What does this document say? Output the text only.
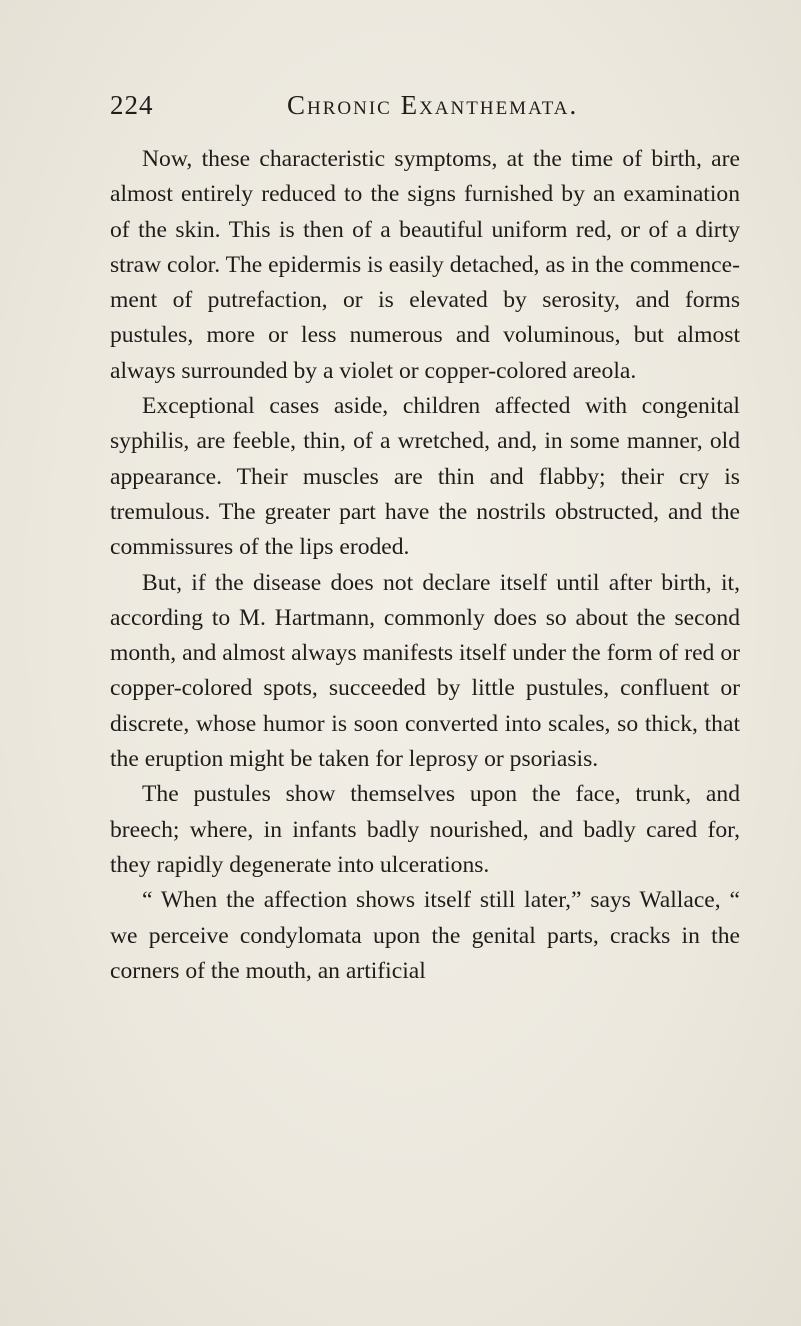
224	Chronic Exanthemata.

Now, these characteristic symptoms, at the time of birth, are almost entirely reduced to the signs furnished by an examination of the skin. This is then of a beautiful uniform red, or of a dirty straw color. The epidermis is easily detached, as in the commencement of putrefaction, or is elevated by serosity, and forms pustules, more or less numerous and voluminous, but almost always surrounded by a violet or copper-colored areola.

Exceptional cases aside, children affected with congenital syphilis, are feeble, thin, of a wretched, and, in some manner, old appearance. Their muscles are thin and flabby; their cry is tremulous. The greater part have the nostrils obstructed, and the commissures of the lips eroded.

But, if the disease does not declare itself until after birth, it, according to M. Hartmann, commonly does so about the second month, and almost always manifests itself under the form of red or copper-colored spots, succeeded by little pustules, confluent or discrete, whose humor is soon converted into scales, so thick, that the eruption might be taken for leprosy or psoriasis.

The pustules show themselves upon the face, trunk, and breech; where, in infants badly nourished, and badly cared for, they rapidly degenerate into ulcerations.

“ When the affection shows itself still later,” says Wallace, “ we perceive condylomata upon the genital parts, cracks in the corners of the mouth, an artificial
